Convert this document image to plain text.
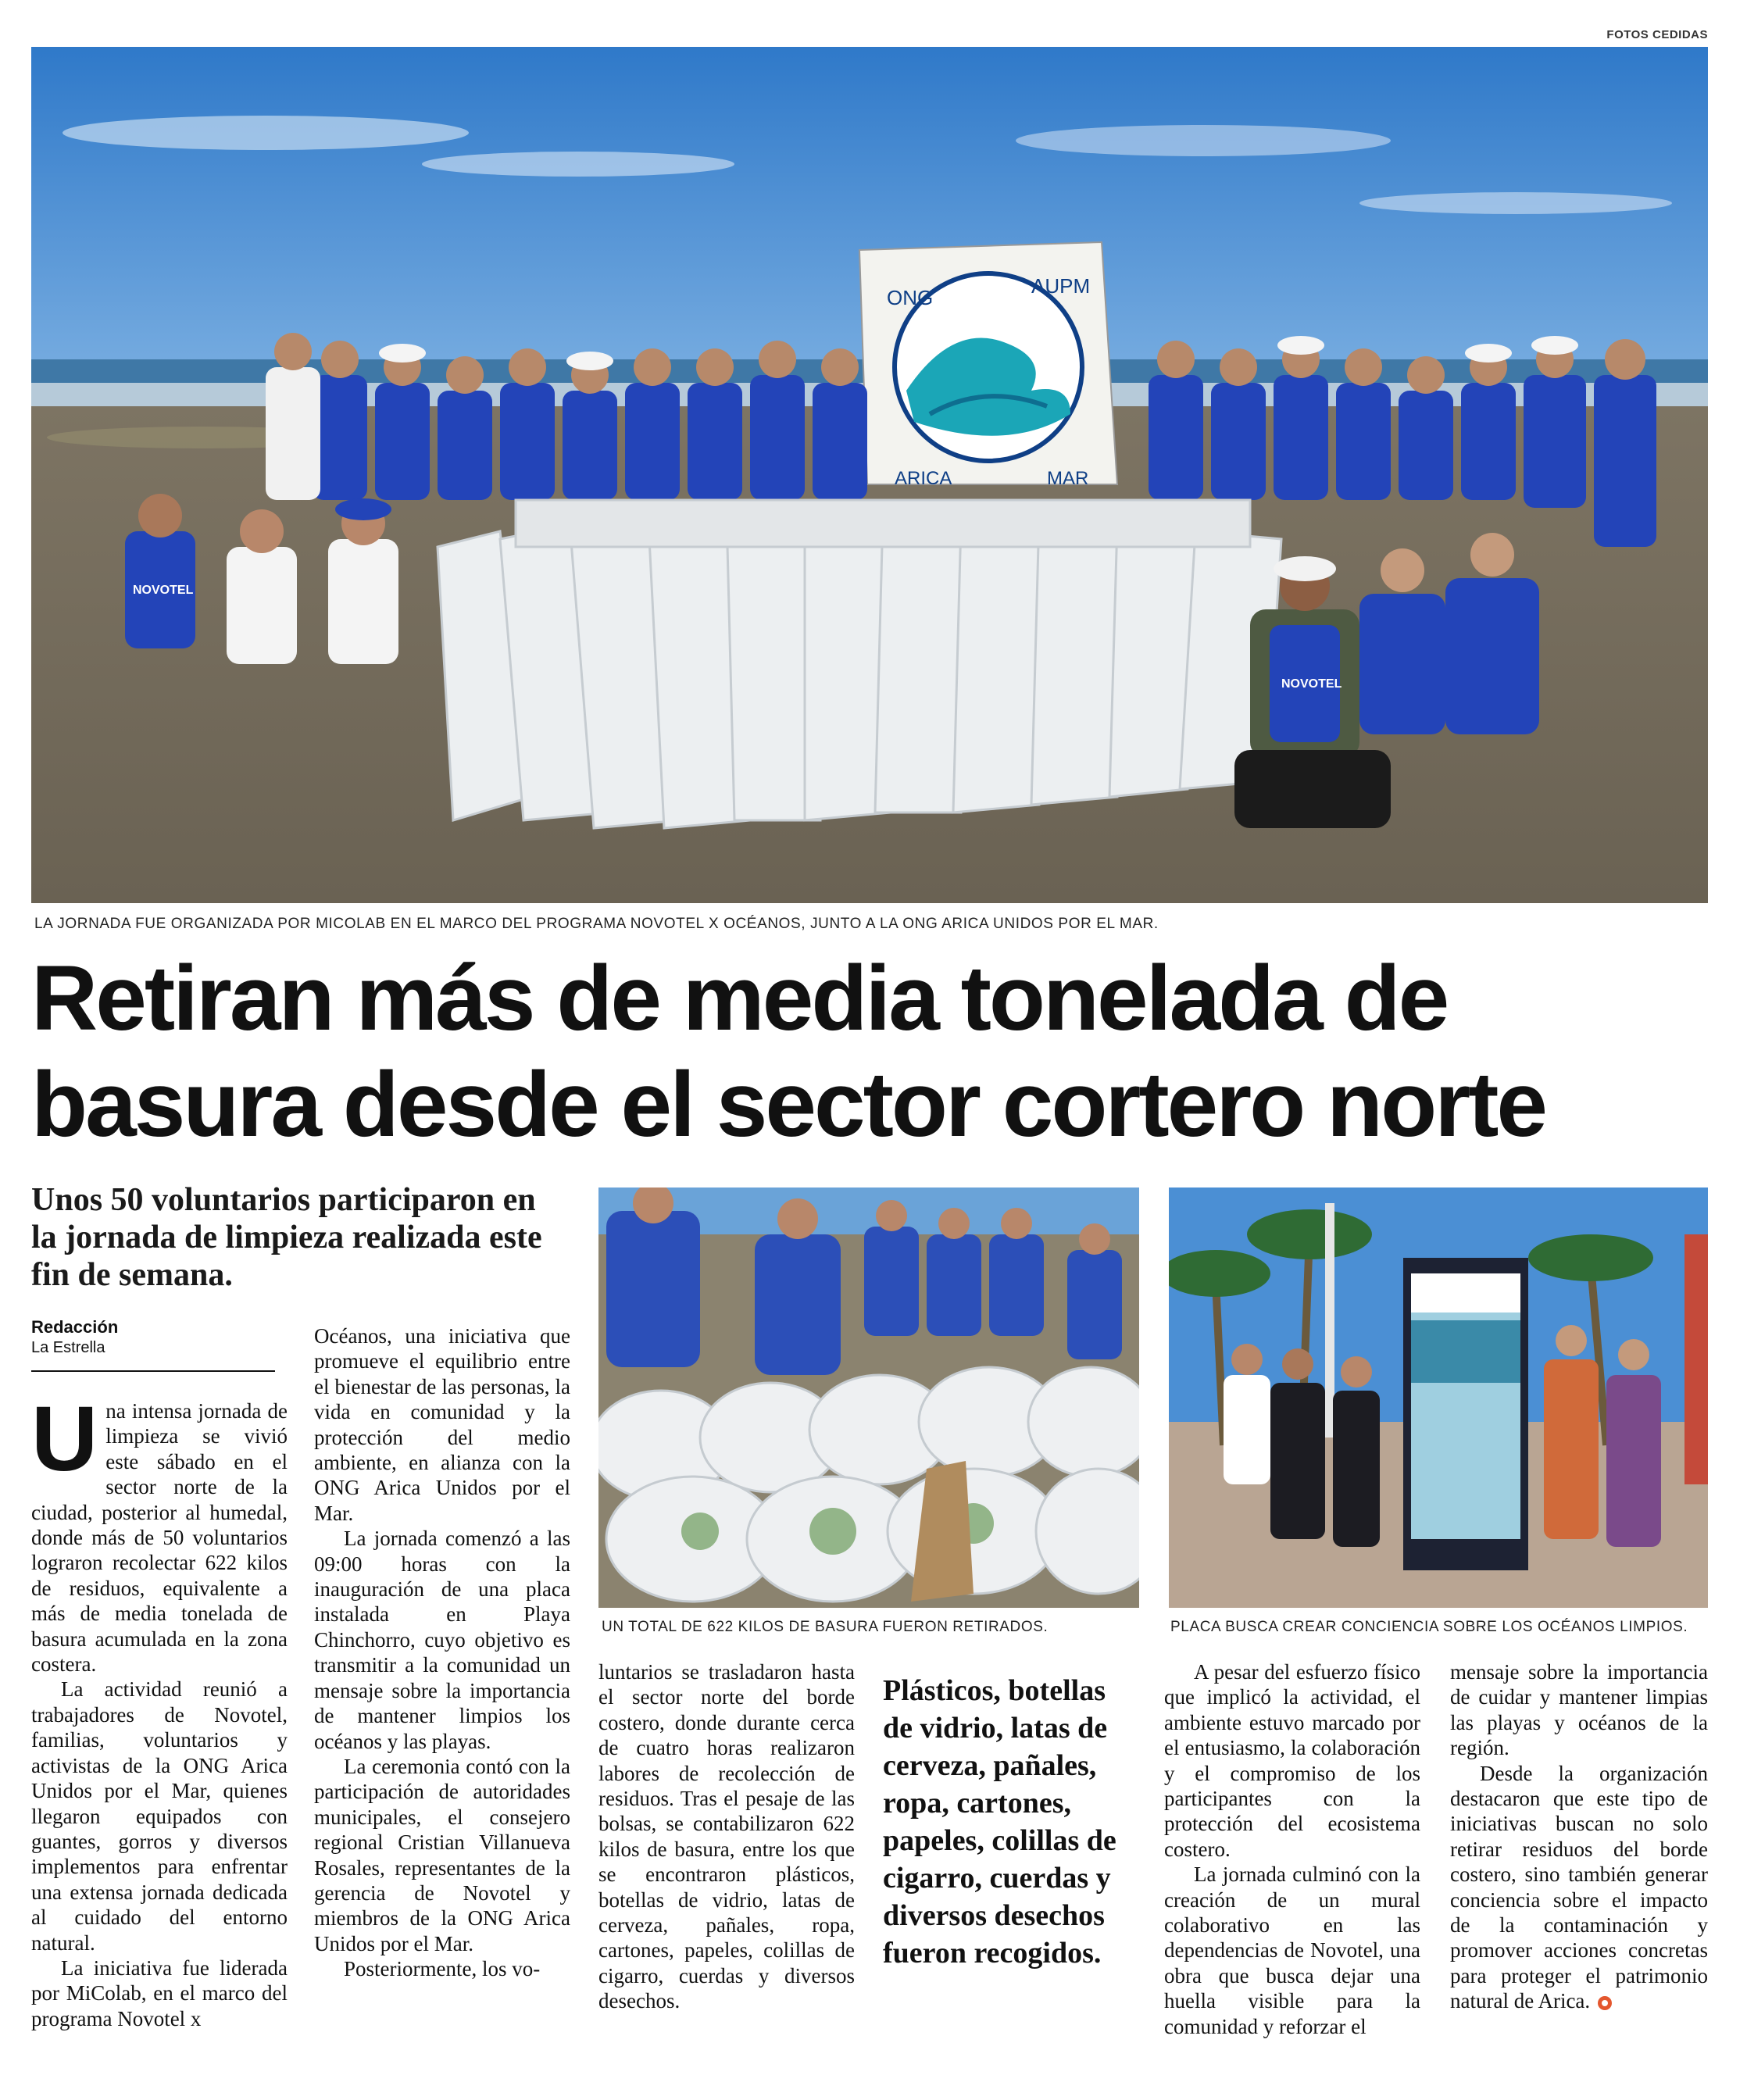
FOTOS CEDIDAS
ONG	AUPM
ARICA	MAR
NOVOTEL
NOVOTEL
LA JORNADA FUE ORGANIZADA POR MICOLAB EN EL MARCO DEL PROGRAMA NOVOTEL X OCÉANOS, JUNTO A LA ONG ARICA UNIDOS POR EL MAR.
Retiran más de media tonelada de
basura desde el sector cortero norte
Unos 50 voluntarios participaron en la jornada de limpieza realizada este fin de semana.
Redacción
La Estrella

Una intensa jornada de limpieza se vivió este sábado en el sector norte de la ciudad, posterior al humedal, donde más de 50 voluntarios lograron recolectar 622 kilos de residuos, equivalente a más de media tonelada de basura acumulada en la zona costera.

La actividad reunió a trabajadores de Novotel, familias, voluntarios y activistas de la ONG Arica Unidos por el Mar, quienes llegaron equipados con guantes, gorros y diversos implementos para enfrentar una extensa jornada dedicada al cuidado del entorno natural.

La iniciativa fue liderada por MiColab, en el marco del programa Novotel x

Océanos, una iniciativa que promueve el equilibrio entre el bienestar de las personas, la vida en comunidad y la protección del medio ambiente, en alianza con la ONG Arica Unidos por el Mar.

La jornada comenzó a las 09:00 horas con la inauguración de una placa instalada en Playa Chinchorro, cuyo objetivo es transmitir a la comunidad un mensaje sobre la importancia de mantener limpios los océanos y las playas.

La ceremonia contó con la participación de autoridades municipales, el consejero regional Cristian Villanueva Rosales, representantes de la gerencia de Novotel y miembros de la ONG Arica Unidos por el Mar.

Posteriormente, los vo-

UN TOTAL DE 622 KILOS DE BASURA FUERON RETIRADOS.	PLACA BUSCA CREAR CONCIENCIA SOBRE LOS OCÉANOS LIMPIOS.

luntarios se trasladaron hasta el sector norte del borde costero, donde durante cerca de cuatro horas realizaron labores de recolección de residuos. Tras el pesaje de las bolsas, se contabilizaron 622 kilos de basura, entre los que se encontraron plásticos, botellas de vidrio, latas de cerveza, pañales, ropa, cartones, papeles, colillas de cigarro, cuerdas y diversos desechos.

Plásticos, botellas de vidrio, latas de cerveza, pañales, ropa, cartones, papeles, colillas de cigarro, cuerdas y diversos desechos fueron recogidos.

A pesar del esfuerzo físico que implicó la actividad, el ambiente estuvo marcado por el entusiasmo, la colaboración y el compromiso de los participantes con la protección del ecosistema costero.

La jornada culminó con la creación de un mural colaborativo en las dependencias de Novotel, una obra que busca dejar una huella visible para la comunidad y reforzar el

mensaje sobre la importancia de cuidar y mantener limpias las playas y océanos de la región.

Desde la organización destacaron que este tipo de iniciativas buscan no solo retirar residuos del borde costero, sino también generar conciencia sobre el impacto de la contaminación y promover acciones concretas para proteger el patrimonio natural de Arica.
